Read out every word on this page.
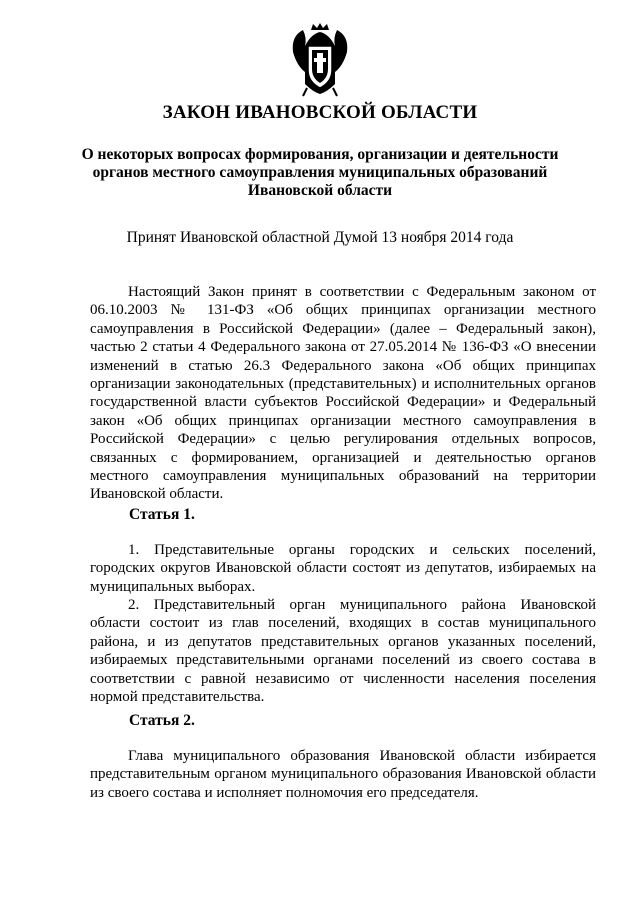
ЗАКОН ИВАНОВСКОЙ ОБЛАСТИ
О некоторых вопросах формирования, организации и деятельности
органов местного самоуправления муниципальных образований
Ивановской области

Принят Ивановской областной Думой 13 ноября 2014 года

Настоящий Закон принят в соответствии с Федеральным законом от 06.10.2003 № 131-ФЗ «Об общих принципах организации местного самоуправления в Российской Федерации» (далее – Федеральный закон), частью 2 статьи 4 Федерального закона от 27.05.2014 № 136-ФЗ «О внесении изменений в статью 26.3 Федерального закона «Об общих принципах организации законодательных (представительных) и исполнительных органов государственной власти субъектов Российской Федерации» и Федеральный закон «Об общих принципах организации местного самоуправления в Российской Федерации» с целью регулирования отдельных вопросов, связанных с формированием, организацией и деятельностью органов местного самоуправления муниципальных образований на территории Ивановской области.

Статья 1.

1. Представительные органы городских и сельских поселений, городских округов Ивановской области состоят из депутатов, избираемых на муниципальных выборах.

2. Представительный орган муниципального района Ивановской области состоит из глав поселений, входящих в состав муниципального района, и из депутатов представительных органов указанных поселений, избираемых представительными органами поселений из своего состава в соответствии с равной независимо от численности населения поселения нормой представительства.

Статья 2.

Глава муниципального образования Ивановской области избирается представительным органом муниципального образования Ивановской области из своего состава и исполняет полномочия его председателя.
